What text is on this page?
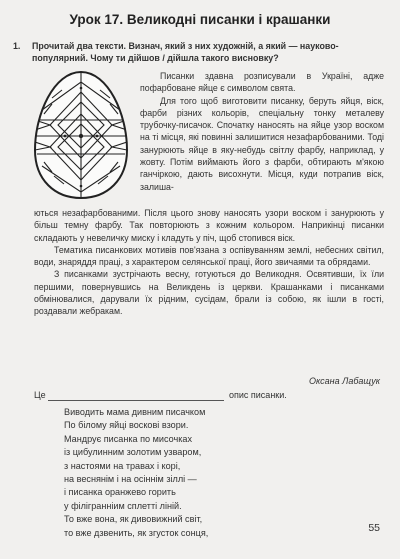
Урок 17. Великодні писанки і крашанки
1. Прочитай два тексти. Визнач, який з них художній, а який — науково-популярний. Чому ти дійшов / дійшла такого висновку?

Писанки здавна розписували в Україні, адже пофарбоване яйце є символом свята.

Для того щоб виготовити писанку, беруть яйця, віск, фарби різних кольорів, спеціальну тонку металеву трубочку-писачок. Спочатку наносять на яйце узор воском на ті місця, які повинні залишитися незафарбованими. Тоді занурюють яйце в яку-небудь світлу фарбу, наприклад, у жовту. Потім виймають його з фарби, обтирають м'якою ганчіркою, дають висохнути. Місця, куди потрапив віск, залиша-

ються незафарбованими. Після цього знову наносять узори воском і занурюють у більш темну фарбу. Так повторюють з кожним кольором. Наприкінці писанки складають у невеличку миску і кладуть у піч, щоб стопився віск.

Тематика писанкових мотивів пов'язана з оспівуванням землі, небесних світил, води, знаряддя праці, з характером селянської праці, його звичаями та обрядами.

З писанками зустрічають весну, готуються до Великодня. Освятивши, їх їли першими, повернувшись на Великдень із церкви. Крашанками і писанками обмінювалися, дарували їх рідним, сусідам, брали із собою, як ішли в гості, роздавали жебракам.

Оксана Лабащук
Це	опис писанки.
Виводить мама дивним писачком
По білому яйці воскові взори.
Мандрує писанка по мисочках
із цибулинним золотим узваром,
з настоями на травах і корі,
на веснянім і на осіннім зіллі —
і писанка оранжево горить
у філігранніим сплетті ліній.
То вже вона, як дивовижний світ,
то вже дзвенить, як згусток сонця,	55
